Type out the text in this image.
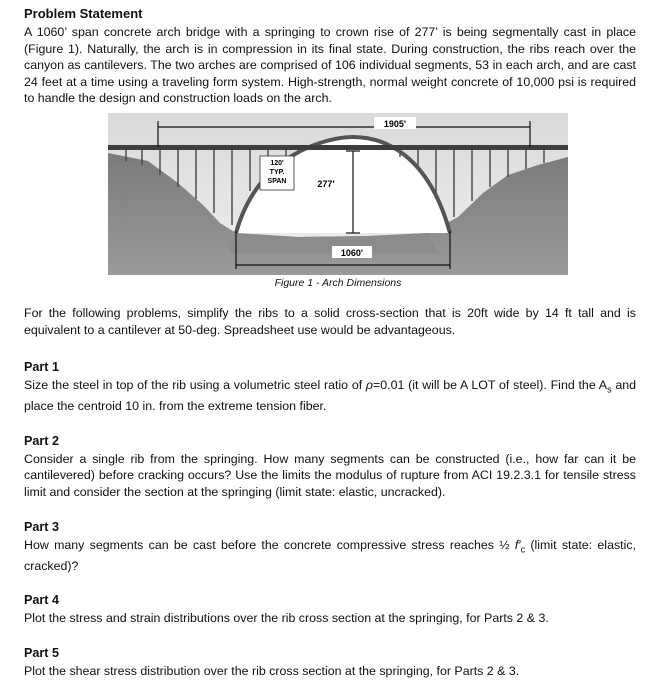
Problem Statement

A 1060’ span concrete arch bridge with a springing to crown rise of 277’ is being segmentally cast in place (Figure 1). Naturally, the arch is in compression in its final state. During construction, the ribs reach over the canyon as cantilevers. The two arches are comprised of 106 individual segments, 53 in each arch, and are cast 24 feet at a time using a traveling form system. High-strength, normal weight concrete of 10,000 psi is required to handle the design and construction loads on the arch.

1905'
120'
TYP.
SPAN	277'
1060'
Figure 1 - Arch Dimensions

For the following problems, simplify the ribs to a solid cross-section that is 20ft wide by 14 ft tall and is equivalent to a cantilever at 50-deg. Spreadsheet use would be advantageous.

Part 1

Size the steel in top of the rib using a volumetric steel ratio of ρ=0.01 (it will be A LOT of steel). Find the $A_s$ and place the centroid 10 in. from the extreme tension fiber.

Part 2

Consider a single rib from the springing. How many segments can be constructed (i.e., how far can it be cantilevered) before cracking occurs? Use the limits the modulus of rupture from ACI 19.2.3.1 for tensile stress limit and consider the section at the springing (limit state: elastic, uncracked).

Part 3

How many segments can be cast before the concrete compressive stress reaches ½ $f'_c$ (limit state: elastic, cracked)?

Part 4

Plot the stress and strain distributions over the rib cross section at the springing, for Parts 2 & 3.

Part 5

Plot the shear stress distribution over the rib cross section at the springing, for Parts 2 & 3.
